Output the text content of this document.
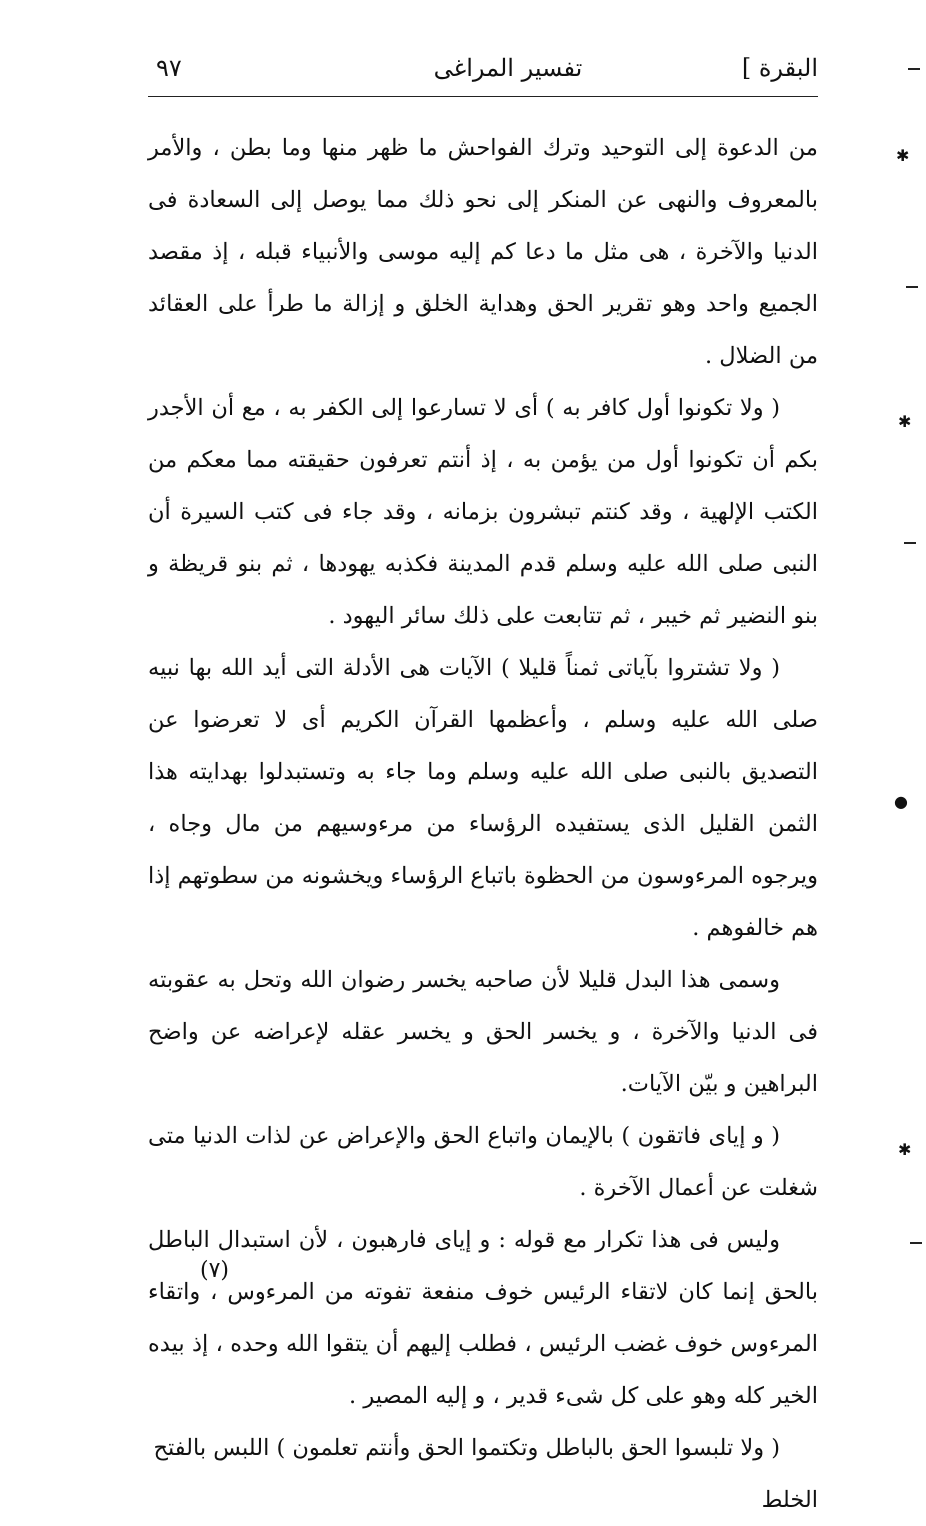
٩٧	تفسير المراغى	البقرة ]

من الدعوة إلى التوحيد وترك الفواحش ما ظهر منها وما بطن ، والأمر بالمعروف والنهى عن المنكر إلى نحو ذلك مما يوصل إلى السعادة فى الدنيا والآخرة ، هى مثل ما دعا كم إليه موسى والأنبياء قبله ، إذ مقصد الجميع واحد وهو تقرير الحق وهداية الخلق و إزالة ما طرأ على العقائد من الضلال .

( ولا تكونوا أول كافر به ) أى لا تسارعوا إلى الكفر به ، مع أن الأجدر بكم أن تكونوا أول من يؤمن به ، إذ أنتم تعرفون حقيقته مما معكم من الكتب الإلهية ، وقد كنتم تبشرون بزمانه ، وقد جاء فى كتب السيرة أن النبى صلى الله عليه وسلم قدم المدينة فكذبه يهودها ، ثم بنو قريظة و بنو النضير ثم خيبر ، ثم تتابعت على ذلك سائر اليهود .

( ولا تشتروا بآياتى ثمناً قليلا ) الآيات هى الأدلة التى أيد الله بها نبيه صلى الله عليه وسلم ، وأعظمها القرآن الكريم أى لا تعرضوا عن التصديق بالنبى صلى الله عليه وسلم وما جاء به وتستبدلوا بهدايته هذا الثمن القليل الذى يستفيده الرؤساء من مرءوسيهم من مال وجاه ، ويرجوه المرءوسون من الحظوة باتباع الرؤساء ويخشونه من سطوتهم إذا هم خالفوهم .

وسمى هذا البدل قليلا لأن صاحبه يخسر رضوان الله وتحل به عقوبته فى الدنيا والآخرة ، و يخسر الحق و يخسر عقله لإعراضه عن واضح البراهين و بيّن الآيات.

( و إياى فاتقون ) بالإيمان واتباع الحق والإعراض عن لذات الدنيا متى شغلت عن أعمال الآخرة .

وليس فى هذا تكرار مع قوله : و إياى فارهبون ، لأن استبدال الباطل بالحق إنما كان لاتقاء الرئيس خوف منفعة تفوته من المرءوس ، واتقاء المرءوس خوف غضب الرئيس ، فطلب إليهم أن يتقوا الله وحده ، إذ بيده الخير كله وهو على كل شىء قدير ، و إليه المصير .

( ولا تلبسوا الحق بالباطل وتكتموا الحق وأنتم تعلمون ) اللبس بالفتح الخلط

(٧)
✱
✱
●
✱
